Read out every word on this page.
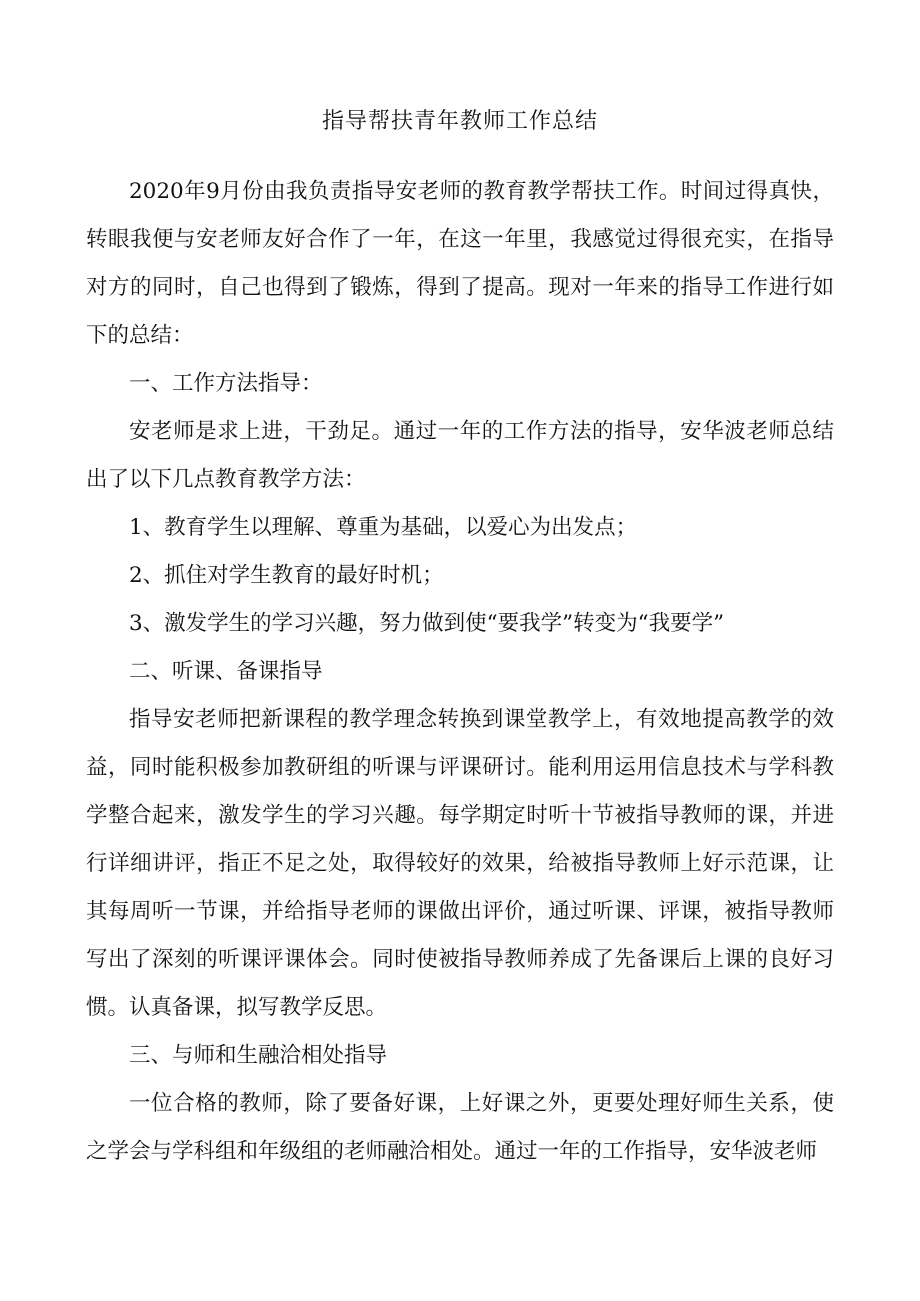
指导帮扶青年教师工作总结

2020年9月份由我负责指导安老师的教育教学帮扶工作。时间过得真快，转眼我便与安老师友好合作了一年，在这一年里，我感觉过得很充实，在指导对方的同时，自己也得到了锻炼，得到了提高。现对一年来的指导工作进行如下的总结：

一、工作方法指导：

安老师是求上进，干劲足。通过一年的工作方法的指导，安华波老师总结出了以下几点教育教学方法：

1、教育学生以理解、尊重为基础，以爱心为出发点；

2、抓住对学生教育的最好时机；

3、激发学生的学习兴趣，努力做到使“要我学”转变为“我要学”

二、听课、备课指导

指导安老师把新课程的教学理念转换到课堂教学上，有效地提高教学的效益，同时能积极参加教研组的听课与评课研讨。能利用运用信息技术与学科教学整合起来，激发学生的学习兴趣。每学期定时听十节被指导教师的课，并进行详细讲评，指正不足之处，取得较好的效果，给被指导教师上好示范课，让其每周听一节课，并给指导老师的课做出评价，通过听课、评课，被指导教师写出了深刻的听课评课体会。同时使被指导教师养成了先备课后上课的良好习惯。认真备课，拟写教学反思。

三、与师和生融洽相处指导

一位合格的教师，除了要备好课，上好课之外，更要处理好师生关系，使之学会与学科组和年级组的老师融洽相处。通过一年的工作指导，安华波老师
